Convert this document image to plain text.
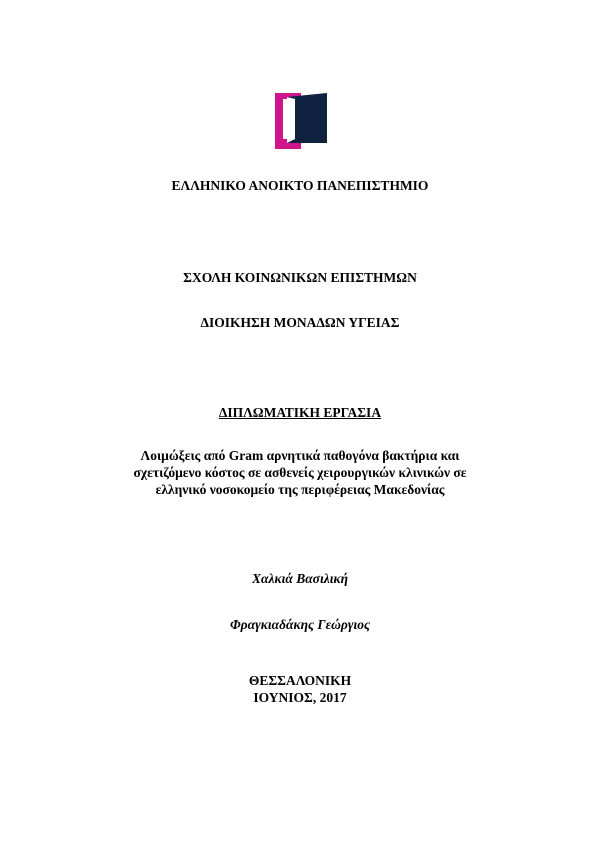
ΕΛΛΗΝΙΚΟ ΑΝΟΙΚΤΟ ΠΑΝΕΠΙΣΤΗΜΙΟ
ΣΧΟΛΗ ΚΟΙΝΩΝΙΚΩΝ ΕΠΙΣΤΗΜΩΝ
ΔΙΟΙΚΗΣΗ ΜΟΝΑΔΩΝ ΥΓΕΙΑΣ
ΔΙΠΛΩΜΑΤΙΚΗ ΕΡΓΑΣΙΑ
Λοιμώξεις από Gram αρνητικά παθογόνα βακτήρια και
σχετιζόμενο κόστος σε ασθενείς χειρουργικών κλινικών σε
ελληνικό νοσοκομείο της περιφέρειας Μακεδονίας
Χαλκιά Βασιλική
Φραγκιαδάκης Γεώργιος
ΘΕΣΣΑΛΟΝΙΚΗ
ΙΟΥΝΙΟΣ, 2017
